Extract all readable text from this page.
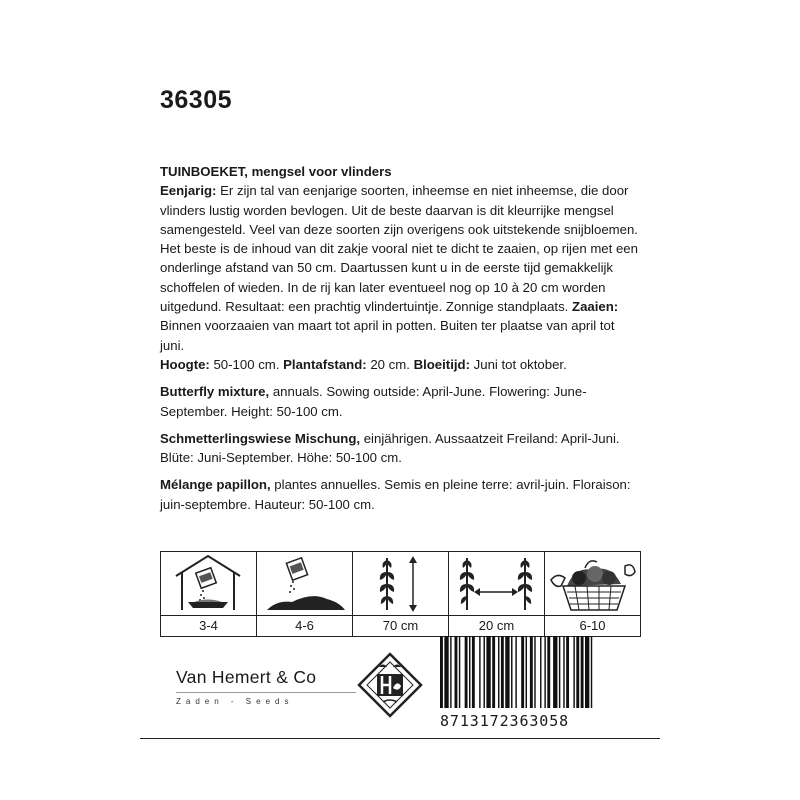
36305

TUINBOEKET, mengsel voor vlinders
Eenjarig: Er zijn tal van eenjarige soorten, inheemse en niet inheemse, die door vlinders lustig worden bevlogen. Uit de beste daarvan is dit kleurrijke mengsel samengesteld. Veel van deze soorten zijn overigens ook uitstekende snijbloemen. Het beste is de inhoud van dit zakje vooral niet te dicht te zaaien, op rijen met een onderlinge afstand van 50 cm. Daartussen kunt u in de eerste tijd gemakkelijk schoffelen of wieden. In de rij kan later eventueel nog op 10 à 20 cm worden uitgedund. Resultaat: een prachtig vlindertuintje. Zonnige standplaats. Zaaien: Binnen voorzaaien van maart tot april in potten. Buiten ter plaatse van april tot juni.
Hoogte: 50-100 cm. Plantafstand: 20 cm. Bloeitijd: Juni tot oktober.

Butterfly mixture, annuals. Sowing outside: April-June. Flowering: June-September. Height: 50-100 cm.

Schmetterlingswiese Mischung, einjährigen. Aussaatzeit Freiland: April-Juni. Blüte: Juni-September. Höhe: 50-100 cm.

Mélange papillon, plantes annuelles. Semis en pleine terre: avril-juin. Floraison: juin-septembre. Hauteur: 50-100 cm.

3-4	4-6	70 cm	20 cm	6-10
Van Hemert & Co
Zaden - Seeds
8713172363058
